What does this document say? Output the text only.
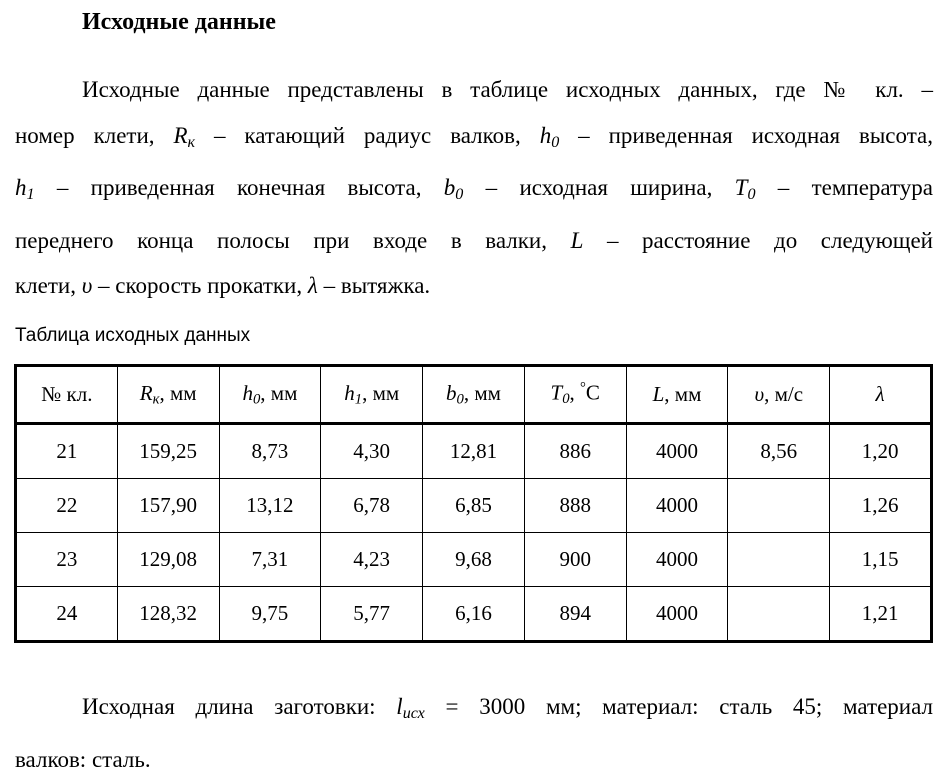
Исходные данные
Исходные данные представлены в таблице исходных данных, где № кл. –
номер клети, $R_к$ – катающий радиус валков, $h_0$ – приведенная исходная высота,
$h_1$ – приведенная конечная высота, $b_0$ – исходная ширина, $T_0$ – температура
переднего конца полосы при входе в валки, L – расстояние до следующей
клети, υ – скорость прокатки, λ – вытяжка.

Таблица исходных данных

№ кл.	$R_к$, мм	$h_0$, мм	$h_1$, мм	$b_0$, мм	$T_0$, °C	L, мм	υ, м/с	λ
21	159,25	8,73	4,30	12,81	886	4000	8,56	1,20
22	157,90	13,12	6,78	6,85	888	4000		1,26
23	129,08	7,31	4,23	9,68	900	4000		1,15
24	128,32	9,75	5,77	6,16	894	4000		1,21
Исходная длина заготовки: $l_{исх} = 3000$ мм; материал: сталь 45; материал
валков: сталь.
